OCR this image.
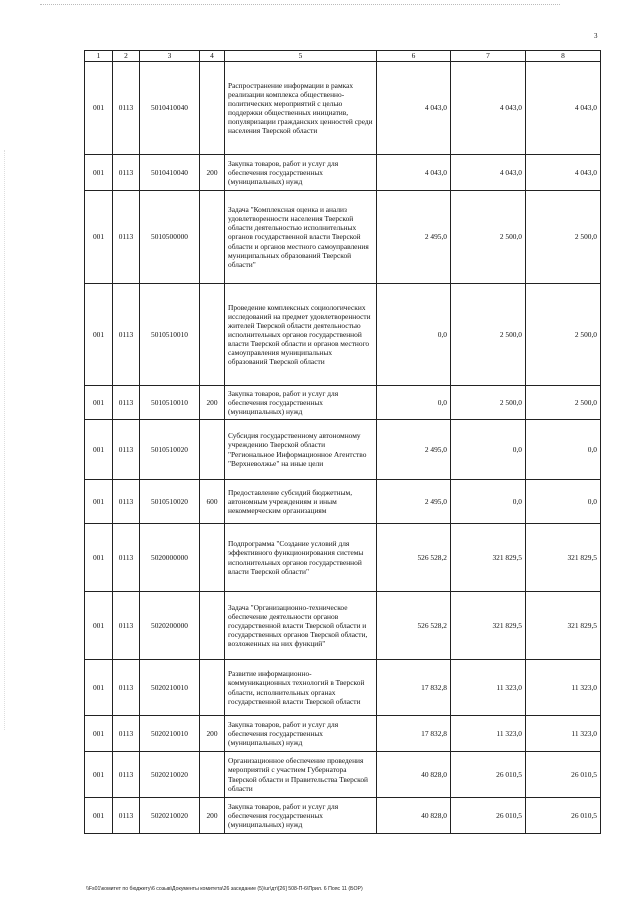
3
1	2	3	4	5	6	7	8
001	0113	5010410040		Распространение информации в рамках реализации комплекса общественно-политических мероприятий с целью поддержки общественных инициатив, популяризации гражданских ценностей среди населения Тверской области	4 043,0	4 043,0	4 043,0
001	0113	5010410040	200	Закупка товаров, работ и услуг для обеспечения государственных (муниципальных) нужд	4 043,0	4 043,0	4 043,0
001	0113	5010500000		Задача "Комплексная оценка и анализ удовлетворенности населения Тверской области деятельностью исполнительных органов государственной власти Тверской области и органов местного самоуправления муниципальных образований Тверской области"	2 495,0	2 500,0	2 500,0
001	0113	5010510010		Проведение комплексных социологических исследований на предмет удовлетворенности жителей Тверской области деятельностью исполнительных органов государственной власти Тверской области и органов местного самоуправления муниципальных образований Тверской области	0,0	2 500,0	2 500,0
001	0113	5010510010	200	Закупка товаров, работ и услуг для обеспечения государственных (муниципальных) нужд	0,0	2 500,0	2 500,0
001	0113	5010510020		Субсидия государственному автономному учреждению Тверской области "Региональное Информационное Агентство "Верхневолжье" на иные цели	2 495,0	0,0	0,0
001	0113	5010510020	600	Предоставление субсидий бюджетным, автономным учреждениям и иным некоммерческим организациям	2 495,0	0,0	0,0
001	0113	5020000000		Подпрограмма "Создание условий для эффективного функционирования системы исполнительных органов государственной власти Тверской области"	526 528,2	321 829,5	321 829,5
001	0113	5020200000		Задача "Организационно-техническое обеспечение деятельности органов государственной власти Тверской области и государственных органов Тверской области, возложенных на них функций"	526 528,2	321 829,5	321 829,5
001	0113	5020210010		Развитие информационно-коммуникационных технологий в Тверской области, исполнительных органах государственной власти Тверской области	17 832,8	11 323,0	11 323,0
001	0113	5020210010	200	Закупка товаров, работ и услуг для обеспечения государственных (муниципальных) нужд	17 832,8	11 323,0	11 323,0
001	0113	5020210020		Организационное обеспечение проведения мероприятий с участием Губернатора Тверской области и Правительства Тверской области	40 828,0	26 010,5	26 010,5
001	0113	5020210020	200	Закупка товаров, работ и услуг для обеспечения государственных (муниципальных) нужд	40 828,0	26 010,5	26 010,5
\\Fs01\комитет по бюджету\6 созыв\Документы комитета\26 заседание (5)\ur\дт\[26] 508-П-6\Прил. 6 Пояс 11 (БОР)
